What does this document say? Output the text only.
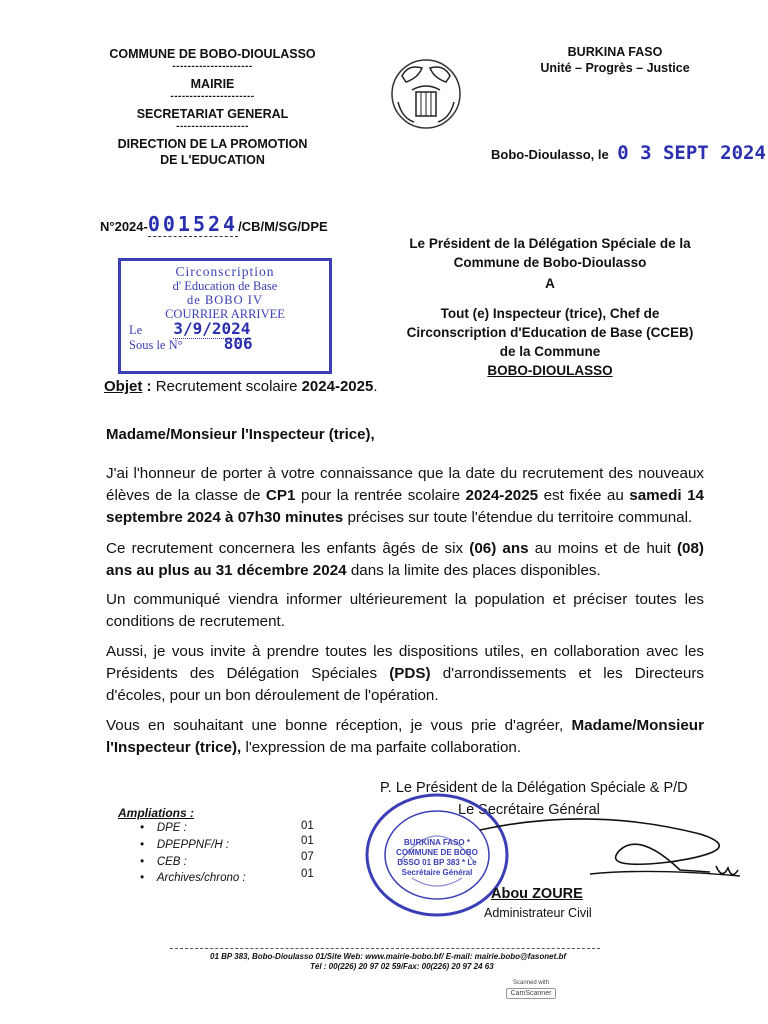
COMMUNE DE BOBO-DIOULASSO
---------------------
MAIRIE
----------------------
SECRETARIAT GENERAL
-------------------
DIRECTION DE LA PROMOTION
DE L'EDUCATION
BURKINA FASO
Unité – Progrès – Justice
Bobo-Dioulasso, le 0 3 SEPT 2024
N°2024-001524/CB/M/SG/DPE
Circonscription
d' Education de Base
de BOBO IV
COURRIER ARRIVEE
Le 3/9/2024
Sous le N°	806
Le Président de la Délégation Spéciale de la
Commune de Bobo-Dioulasso
A
Tout (e) Inspecteur (trice), Chef de
Circonscription d'Education de Base (CCEB)
de la Commune
BOBO-DIOULASSO
Objet : Recrutement scolaire 2024-2025.
Madame/Monsieur l'Inspecteur (trice),
J'ai l'honneur de porter à votre connaissance que la date du recrutement des nouveaux élèves de la classe de CP1 pour la rentrée scolaire 2024-2025 est fixée au samedi 14 septembre 2024 à 07h30 minutes précises sur toute l'étendue du territoire communal.
Ce recrutement concernera les enfants âgés de six (06) ans au moins et de huit (08) ans au plus au 31 décembre 2024 dans la limite des places disponibles.
Un communiqué viendra informer ultérieurement la population et préciser toutes les conditions de recrutement.
Aussi, je vous invite à prendre toutes les dispositions utiles, en collaboration avec les Présidents des Délégation Spéciales (PDS) d'arrondissements et les Directeurs d'écoles, pour un bon déroulement de l'opération.
Vous en souhaitant une bonne réception, je vous prie d'agréer, Madame/Monsieur l'Inspecteur (trice), l'expression de ma parfaite collaboration.
P. Le Président de la Délégation Spéciale & P/D
Le Secrétaire Général
BURKINA FASO * COMMUNE DE BOBO DSSO 01 BP 383 * Le Secrétaire Général
Abou ZOURE
Administrateur Civil
Ampliations :
•    DPE :	01
•    DPEPPNF/H :	01
•    CEB :	07
•    Archives/chrono :	01
01 BP 383, Bobo-Dioulasso 01/Site Web: www.mairie-bobo.bf/ E-mail: mairie.bobo@fasonet.bf
Tél : 00(226) 20 97 02 59/Fax: 00(226) 20 97 24 63
Scanned with
CamScanner
